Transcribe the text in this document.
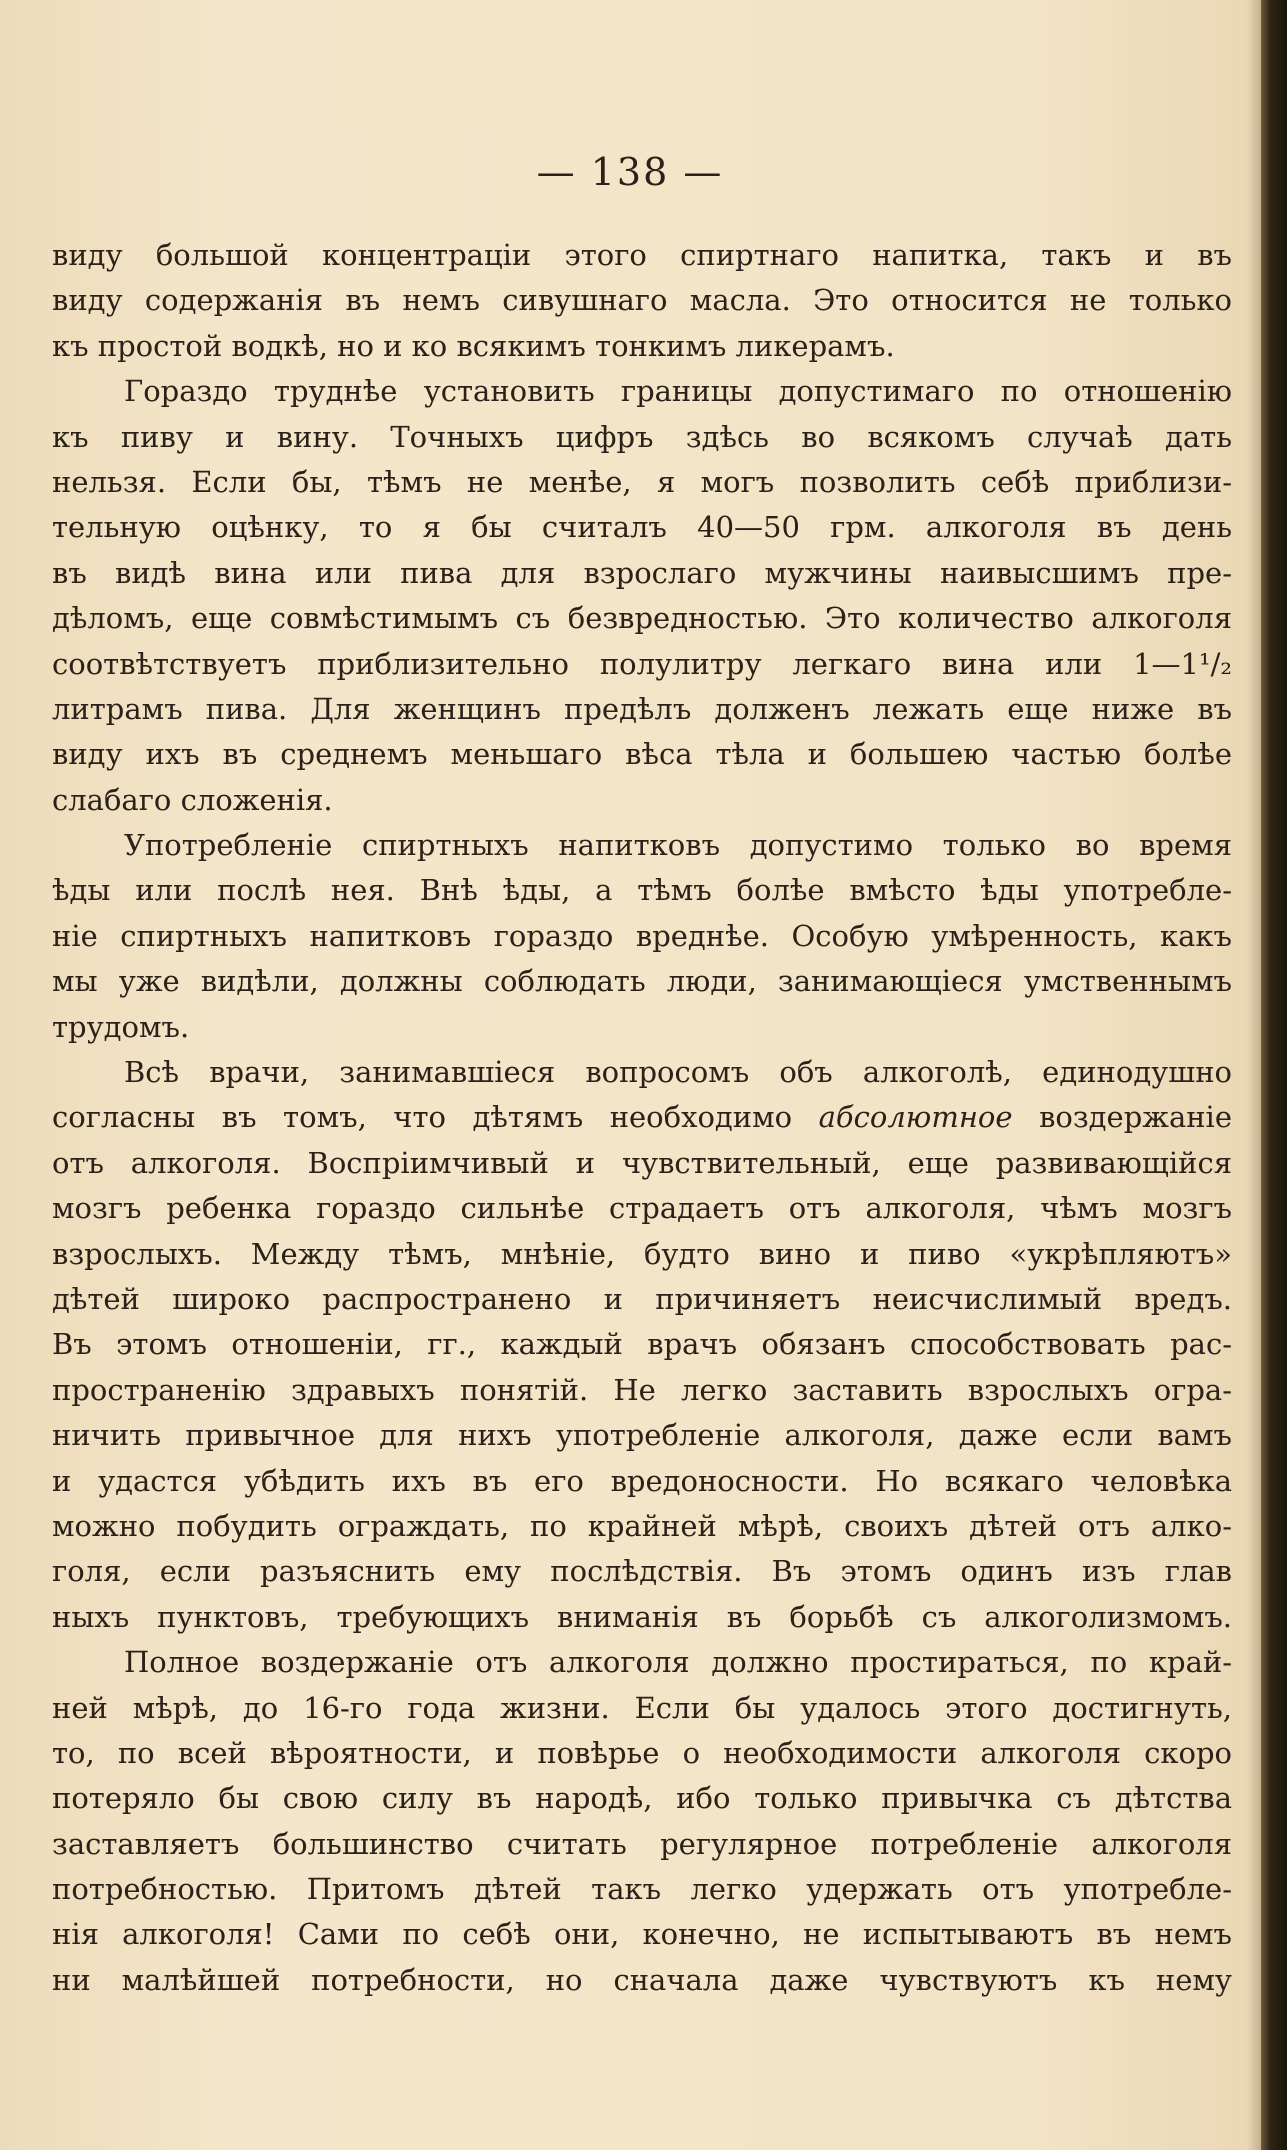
— 138 —
виду большой концентраціи этого спиртнаго напитка, такъ и въ
виду содержанія въ немъ сивушнаго масла. Это относится не только
къ простой водкѣ, но и ко всякимъ тонкимъ ликерамъ.
Гораздо труднѣе установить границы допустимаго по отношенію
къ пиву и вину. Точныхъ цифръ здѣсь во всякомъ случаѣ дать
нельзя. Если бы, тѣмъ не менѣе, я могъ позволить себѣ приблизи-
тельную оцѣнку, то я бы считалъ 40—50 грм. алкоголя въ день
въ видѣ вина или пива для взрослаго мужчины наивысшимъ пре-
дѣломъ, еще совмѣстимымъ съ безвредностью. Это количество алкоголя
соотвѣтствуетъ приблизительно полулитру легкаго вина или 1—1¹/₂
литрамъ пива. Для женщинъ предѣлъ долженъ лежать еще ниже въ
виду ихъ въ среднемъ меньшаго вѣса тѣла и большею частью болѣе
слабаго сложенія.
Употребленіе спиртныхъ напитковъ допустимо только во время
ѣды или послѣ нея. Внѣ ѣды, а тѣмъ болѣе вмѣсто ѣды употребле-
ніе спиртныхъ напитковъ гораздо вреднѣе. Особую умѣренность, какъ
мы уже видѣли, должны соблюдать люди, занимающіеся умственнымъ
трудомъ.
Всѣ врачи, занимавшіеся вопросомъ объ алкоголѣ, единодушно
согласны въ томъ, что дѣтямъ необходимо абсолютное воздержаніе
отъ алкоголя. Воспріимчивый и чувствительный, еще развивающійся
мозгъ ребенка гораздо сильнѣе страдаетъ отъ алкоголя, чѣмъ мозгъ
взрослыхъ. Между тѣмъ, мнѣніе, будто вино и пиво «укрѣпляютъ»
дѣтей широко распространено и причиняетъ неисчислимый вредъ.
Въ этомъ отношеніи, гг., каждый врачъ обязанъ способствовать рас-
пространенію здравыхъ понятій. Не легко заставить взрослыхъ огра-
ничить привычное для нихъ употребленіе алкоголя, даже если вамъ
и удастся убѣдить ихъ въ его вредоносности. Но всякаго человѣка
можно побудить ограждать, по крайней мѣрѣ, своихъ дѣтей отъ алко-
голя, если разъяснить ему послѣдствія. Въ этомъ одинъ изъ глав
ныхъ пунктовъ, требующихъ вниманія въ борьбѣ съ алкоголизмомъ.
Полное воздержаніе отъ алкоголя должно простираться, по край-
ней мѣрѣ, до 16-го года жизни. Если бы удалось этого достигнуть,
то, по всей вѣроятности, и повѣрье о необходимости алкоголя скоро
потеряло бы свою силу въ народѣ, ибо только привычка съ дѣтства
заставляетъ большинство считать регулярное потребленіе алкоголя
потребностью. Притомъ дѣтей такъ легко удержать отъ употребле-
нія алкоголя! Сами по себѣ они, конечно, не испытываютъ въ немъ
ни малѣйшей потребности, но сначала даже чувствуютъ къ нему
